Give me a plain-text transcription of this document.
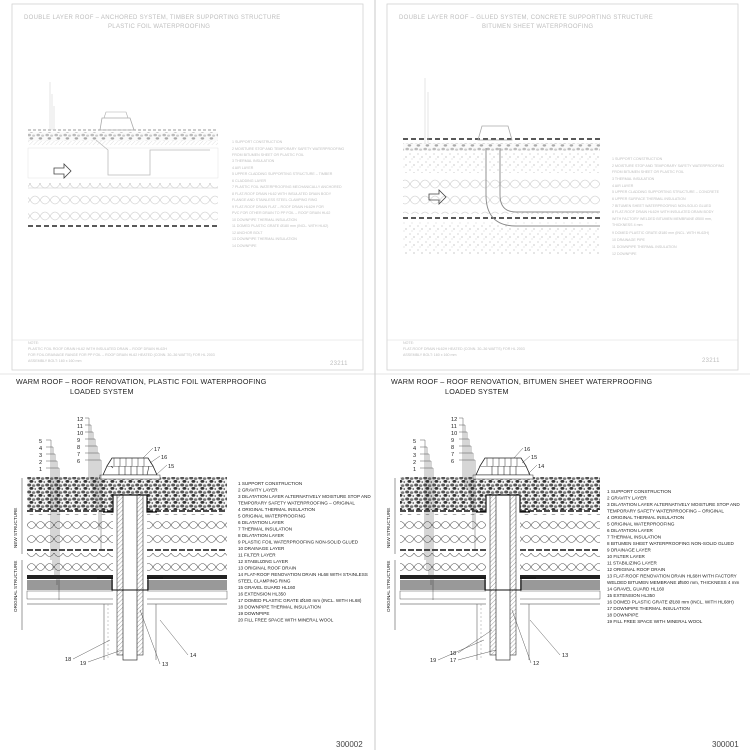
DOUBLE LAYER ROOF – ANCHORED SYSTEM, TIMBER SUPPORTING STRUCTURE
PLASTIC FOIL WATERPROOFING
1 SUPPORT CONSTRUCTION
2 MOISTURE STOP AND TEMPORARY SAFETY WATERPROOFING
FROM BITUMEN SHEET OR PLASTIC FOIL
3 THERMAL INSULATION
4 AIR LAYER
5 UPPER CLADDING SUPPORTING STRUCTURE – TIMBER
6 CLADDING LAYER
7 PLASTIC FOIL WATERPROOFING MECHANICALLY ANCHORED
8 FLAT-ROOF DRAIN HL62 WITH INSULATED DRAIN BODY
FLANGE AND STAINLESS STEEL CLAMPING RING
9 FLAT-ROOF DRAIN FLAT – ROOF DRAIN HL62H FOR
PVC FOR OTHER DRAIN TO PP FOIL – ROOF DRAIN HL62
10 DOWNPIPE THERMAL INSULATION
11 DOMED PLASTIC GRATE Ø180 mm (INCL. WITH HL62)
12 ANCHOR BOLT
13 DOWNPIPE THERMAL INSULATION
14 DOWNPIPE
NOTE:
PLASTIC FOIL ROOF DRAIN HL62 WITH INSULATED DRAIN – ROOF DRAIN HL62H
FOR FOIL DRAINAGE RANGE FOR PP FOIL – ROOF DRAIN HL62 HEATED (CONN. 30–36 WATTS) FOR HL 2003
ASSEMBLY BOLT: 160 x 160 mm	23211
DOUBLE LAYER ROOF – GLUED SYSTEM, CONCRETE SUPPORTING STRUCTURE
BITUMEN SHEET WATERPROOFING
1 SUPPORT CONSTRUCTION
2 MOISTURE STOP AND TEMPORARY SAFETY WATERPROOFING
FROM BITUMEN SHEET OR PLASTIC FOIL
3 THERMAL INSULATION
4 AIR LAYER
5 UPPER CLADDING SUPPORTING STRUCTURE – CONCRETE
6 UPPER SURFACE THERMAL INSULATION
7 BITUMEN SHEET WATERPROOFING NON-SOLID GLUED
8 FLAT-ROOF DRAIN HL62H WITH INSULATED DRAIN BODY
WITH FACTORY WELDED BITUMEN MEMBRANE Ø500 mm,
THICKNESS 4 mm
9 DOMED PLASTIC GRATE Ø180 mm (INCL. WITH HL62H)
10 DRAINAGE PIPE
11 DOWNPIPE THERMAL INSULATION
12 DOWNPIPE
NOTE:
FLAT-ROOF DRAIN HL62H HEATED (CONN. 30–36 WATTS) FOR HL 2003
ASSEMBLY BOLT: 160 x 160 mm
23211
WARM ROOF – ROOF RENOVATION, PLASTIC FOIL WATERPROOFING
LOADED SYSTEM
NEW STRUCTURE
ORIGINAL STRUCTURE
12
11
10
9
8
7
6
5
4
3
2
1
17
16
15
18
19	13
14
1 SUPPORT CONSTRUCTION
2 GRAVITY LAYER
3 DILATATION LAYER ALTERNATIVELY MOISTURE STOP AND
TEMPORARY SAFETY WATERPROOFING – ORIGINAL
4 ORIGINAL THERMAL INSULATION
5 ORIGINAL WATERPROOFING
6 DILATATION LAYER
7 THERMAL INSULATION
8 DILATATION LAYER
9 PLASTIC FOIL WATERPROOFING NON-SOLID GLUED
10 DRAINAGE LAYER
11 FILTER LAYER
12 STABILIZING LAYER
13 ORIGINAL ROOF DRAIN
14 FLAT-ROOF RENOVATION DRAIN HL68 WITH STAINLESS
STEEL CLAMPING RING
15 GRAVEL GUARD HL160
16 EXTENSION HL350
17 DOMED PLASTIC GRATE Ø180 mm (INCL. WITH HL68)
18 DOWNPIPE THERMAL INSULATION
19 DOWNPIPE
20 FILL FREE SPACE WITH MINERAL WOOL
300002
WARM ROOF – ROOF RENOVATION, BITUMEN SHEET WATERPROOFING
LOADED SYSTEM
NEW STRUCTURE
ORIGINAL STRUCTURE
12
11
10
9
8
7
6
5
4
3
2
1
16
15
14
19
18
17	12
13
1 SUPPORT CONSTRUCTION
2 GRAVITY LAYER
3 DILATATION LAYER ALTERNATIVELY MOISTURE STOP AND
TEMPORARY SAFETY WATERPROOFING – ORIGINAL
4 ORIGINAL THERMAL INSULATION
5 ORIGINAL WATERPROOFING
6 DILATATION LAYER
7 THERMAL INSULATION
8 BITUMEN SHEET WATERPROOFING NON-SOLID GLUED
9 DRAINAGE LAYER
10 FILTER LAYER
11 STABILIZING LAYER
12 ORIGINAL ROOF DRAIN
13 FLAT-ROOF RENOVATION DRAIN HL68H WITH FACTORY
WELDED BITUMEN MEMBRANE Ø500 mm, THICKNESS 4 mm
14 GRAVEL GUARD HL160
15 EXTENSION HL350
16 DOMED PLASTIC GRATE Ø180 mm (INCL. WITH HL68H)
17 DOWNPIPE THERMAL INSULATION
18 DOWNPIPE
19 FILL FREE SPACE WITH MINERAL WOOL
300001
